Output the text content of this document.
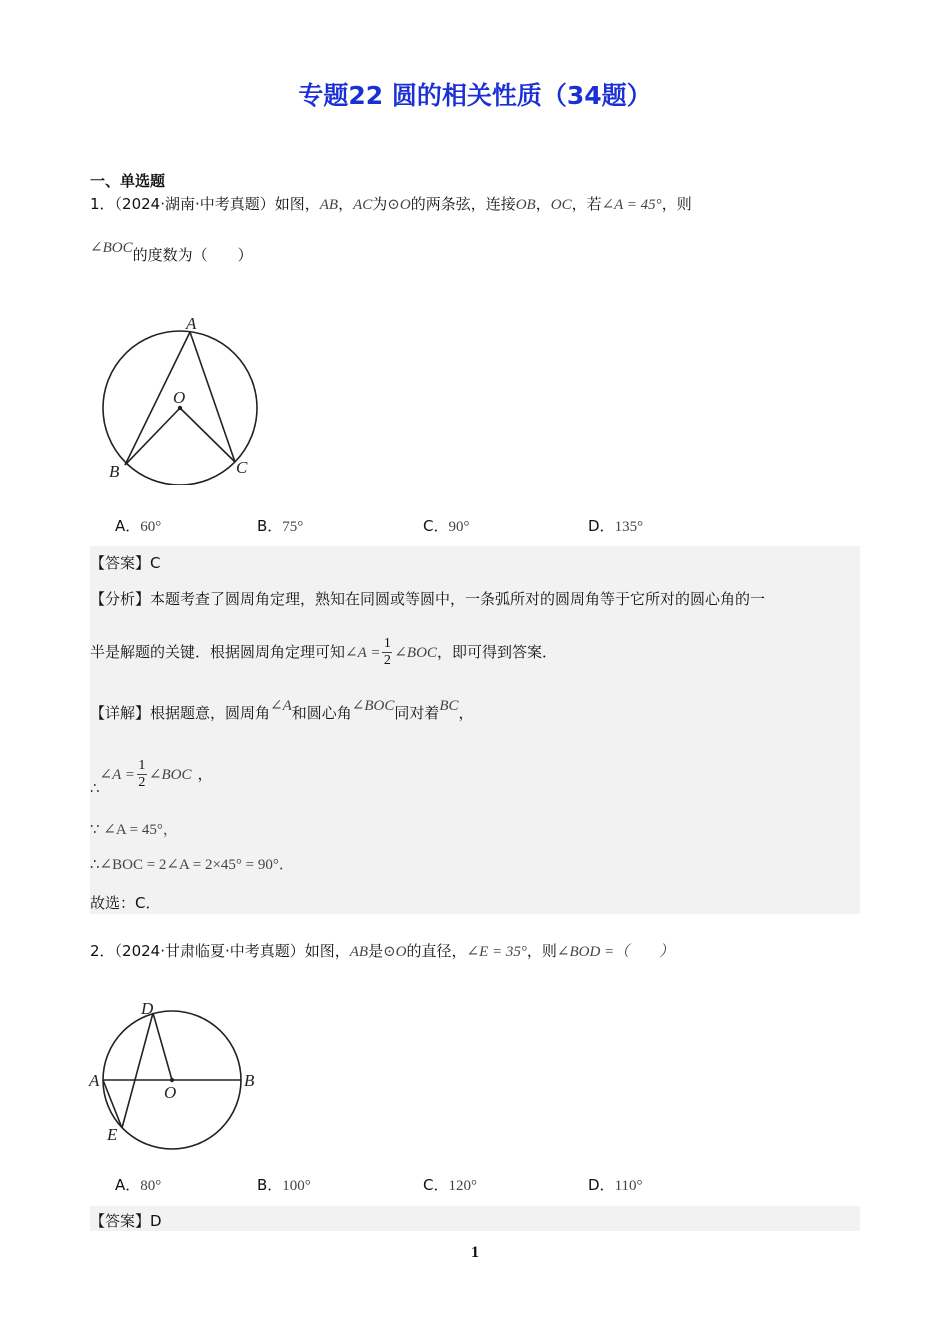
专题22 圆的相关性质（34题）
一、单选题
1．（2024·湖南·中考真题）如图，AB，AC为⊙O的两条弦，连接OB，OC，若∠A = 45°，则
∠BOC的度数为（　　）
A
O
B	C
A．60°	B．75°	C．90°	D．135°
【答案】C
【分析】本题考查了圆周角定理，熟知在同圆或等圆中，一条弧所对的圆周角等于它所对的圆心角的一
半是解题的关键．根据圆周角定理可知∠A = $\frac{1}{2}$ ∠BOC，即可得到答案．
【详解】根据题意，圆周角∠A和圆心角∠BOC同对着BC，
∴∠A = $\frac{1}{2}$ ∠BOC ，
∵ ∠A = 45°，
∴∠BOC = 2∠A = 2×45° = 90°．
故选：C．
2．（2024·甘肃临夏·中考真题）如图，AB是⊙O的直径，∠E = 35°，则∠BOD =（　　）
D
A	B
O
E
A．80°	B．100°	C．120°	D．110°
【答案】D
1
